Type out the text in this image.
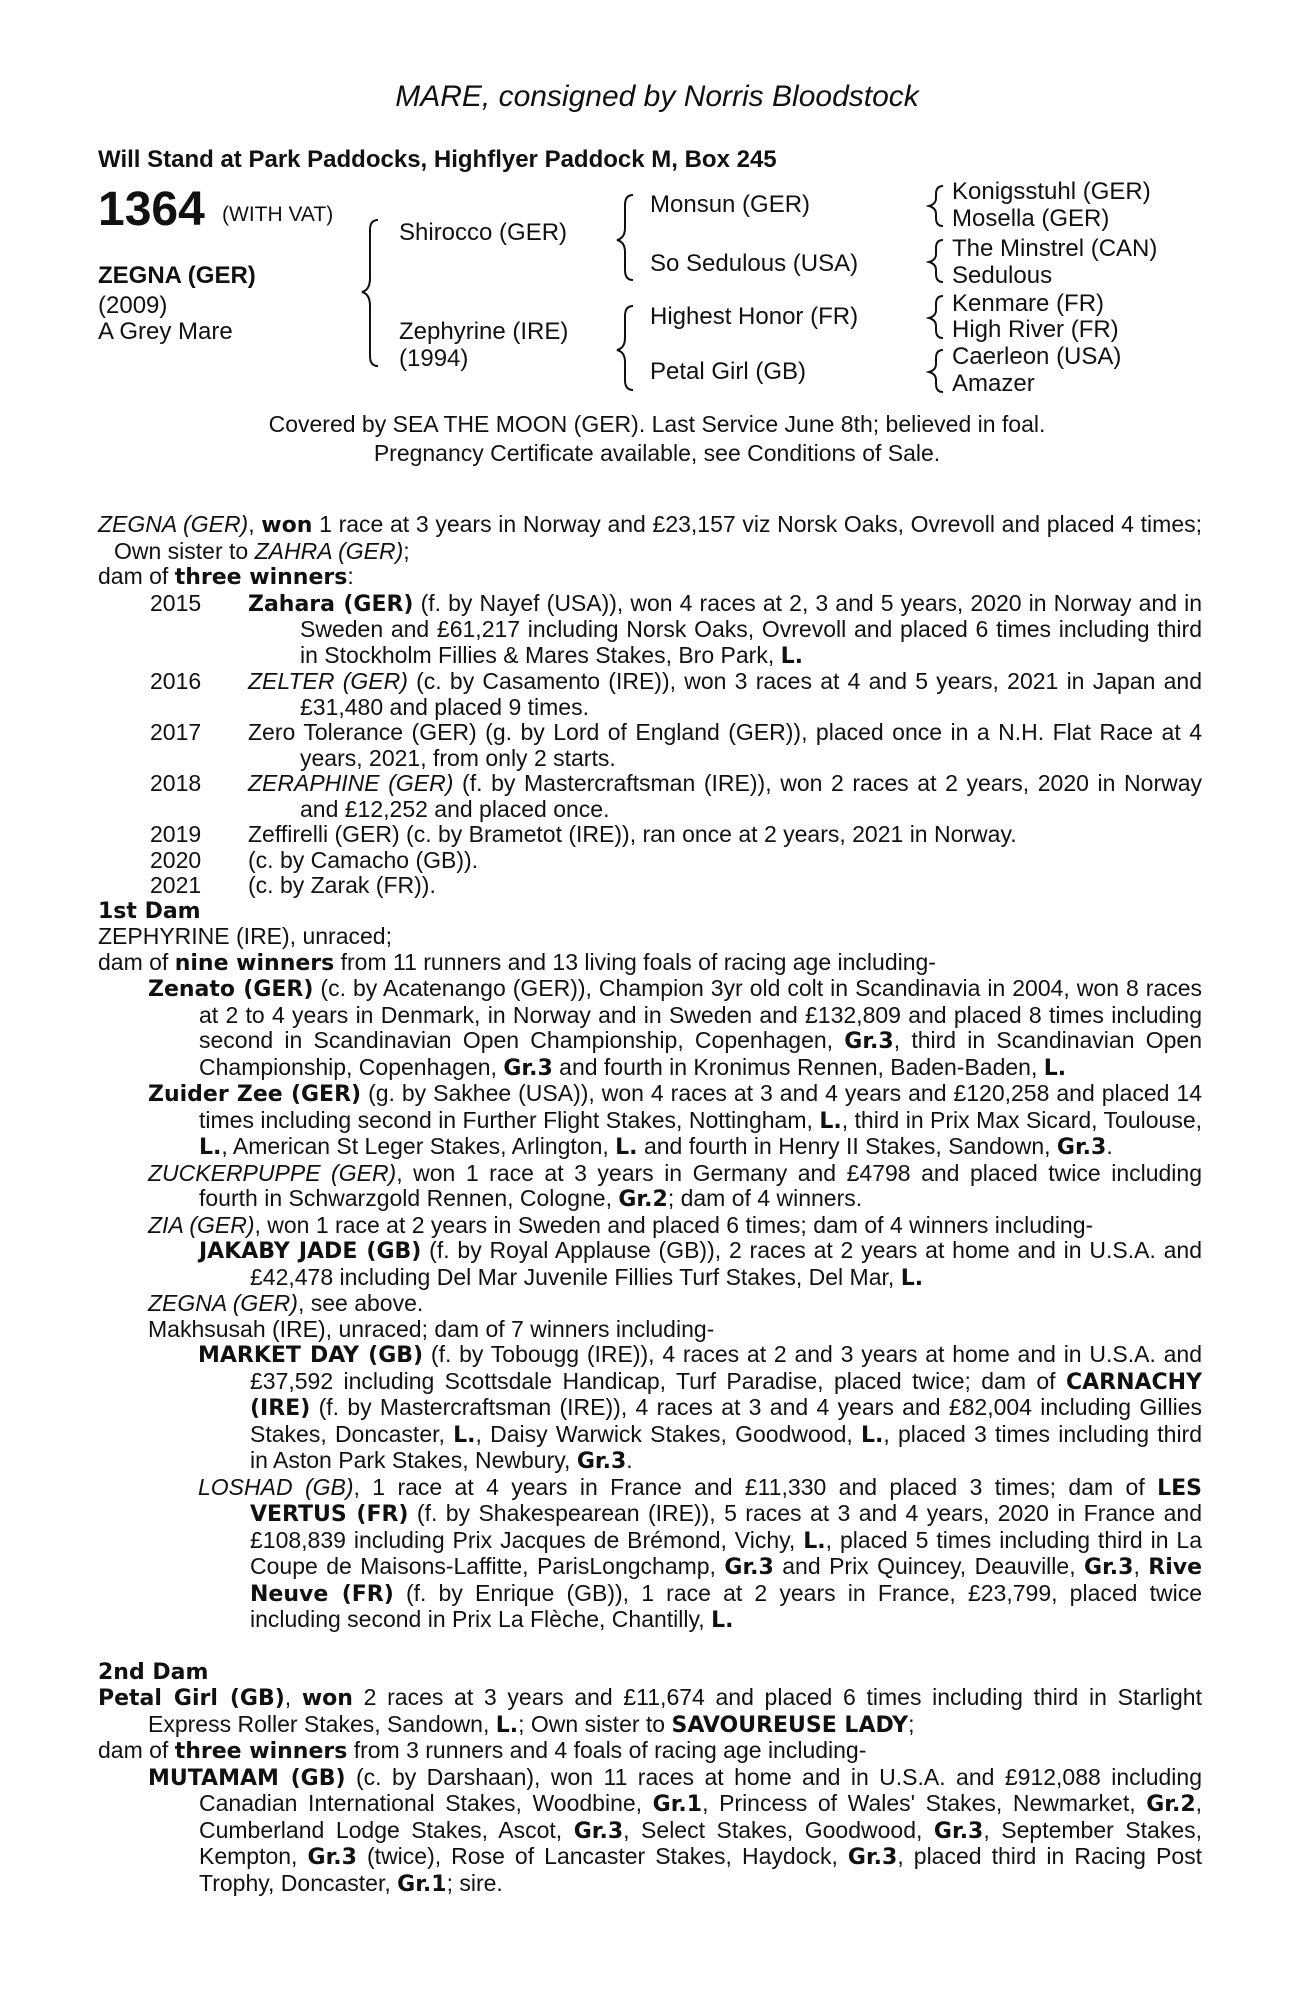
MARE, consigned by Norris Bloodstock
Will Stand at Park Paddocks, Highflyer Paddock M, Box 245
1364 (WITH VAT)
ZEGNA (GER)
(2009)
A Grey Mare
Shirocco (GER)
Zephyrine (IRE)
(1994)
Monsun (GER)
So Sedulous (USA)
Highest Honor (FR)
Petal Girl (GB)
Konigsstuhl (GER)
Mosella (GER)
The Minstrel (CAN)
Sedulous
Kenmare (FR)
High River (FR)
Caerleon (USA)
Amazer
Covered by SEA THE MOON (GER). Last Service June 8th; believed in foal.
Pregnancy Certificate available, see Conditions of Sale.

ZEGNA (GER), won 1 race at 3 years in Norway and £23,157 viz Norsk Oaks, Ovrevoll and placed 4 times; Own sister to ZAHRA (GER);

dam of three winners:

2015	Zahara (GER) (f. by Nayef (USA)), won 4 races at 2, 3 and 5 years, 2020 in Norway and in Sweden and £61,217 including Norsk Oaks, Ovrevoll and placed 6 times including third in Stockholm Fillies & Mares Stakes, Bro Park, L.
2016	ZELTER (GER) (c. by Casamento (IRE)), won 3 races at 4 and 5 years, 2021 in Japan and £31,480 and placed 9 times.
2017	Zero Tolerance (GER) (g. by Lord of England (GER)), placed once in a N.H. Flat Race at 4 years, 2021, from only 2 starts.
2018	ZERAPHINE (GER) (f. by Mastercraftsman (IRE)), won 2 races at 2 years, 2020 in Norway and £12,252 and placed once.
2019	Zeffirelli (GER) (c. by Brametot (IRE)), ran once at 2 years, 2021 in Norway.
2020	(c. by Camacho (GB)).
2021	(c. by Zarak (FR)).

1st Dam

ZEPHYRINE (IRE), unraced;

dam of nine winners from 11 runners and 13 living foals of racing age including-

Zenato (GER) (c. by Acatenango (GER)), Champion 3yr old colt in Scandinavia in 2004, won 8 races at 2 to 4 years in Denmark, in Norway and in Sweden and £132,809 and placed 8 times including second in Scandinavian Open Championship, Copenhagen, Gr.3, third in Scandinavian Open Championship, Copenhagen, Gr.3 and fourth in Kronimus Rennen, Baden-Baden, L.

Zuider Zee (GER) (g. by Sakhee (USA)), won 4 races at 3 and 4 years and £120,258 and placed 14 times including second in Further Flight Stakes, Nottingham, L., third in Prix Max Sicard, Toulouse, L., American St Leger Stakes, Arlington, L. and fourth in Henry II Stakes, Sandown, Gr.3.

ZUCKERPUPPE (GER), won 1 race at 3 years in Germany and £4798 and placed twice including fourth in Schwarzgold Rennen, Cologne, Gr.2; dam of 4 winners.

ZIA (GER), won 1 race at 2 years in Sweden and placed 6 times; dam of 4 winners including-

JAKABY JADE (GB) (f. by Royal Applause (GB)), 2 races at 2 years at home and in U.S.A. and £42,478 including Del Mar Juvenile Fillies Turf Stakes, Del Mar, L.

ZEGNA (GER), see above.

Makhsusah (IRE), unraced; dam of 7 winners including-

MARKET DAY (GB) (f. by Tobougg (IRE)), 4 races at 2 and 3 years at home and in U.S.A. and £37,592 including Scottsdale Handicap, Turf Paradise, placed twice; dam of CARNACHY (IRE) (f. by Mastercraftsman (IRE)), 4 races at 3 and 4 years and £82,004 including Gillies Stakes, Doncaster, L., Daisy Warwick Stakes, Goodwood, L., placed 3 times including third in Aston Park Stakes, Newbury, Gr.3.

LOSHAD (GB), 1 race at 4 years in France and £11,330 and placed 3 times; dam of LES VERTUS (FR) (f. by Shakespearean (IRE)), 5 races at 3 and 4 years, 2020 in France and £108,839 including Prix Jacques de Brémond, Vichy, L., placed 5 times including third in La Coupe de Maisons-Laffitte, ParisLongchamp, Gr.3 and Prix Quincey, Deauville, Gr.3, Rive Neuve (FR) (f. by Enrique (GB)), 1 race at 2 years in France, £23,799, placed twice including second in Prix La Flèche, Chantilly, L.

2nd Dam

Petal Girl (GB), won 2 races at 3 years and £11,674 and placed 6 times including third in Starlight Express Roller Stakes, Sandown, L.; Own sister to SAVOUREUSE LADY;

dam of three winners from 3 runners and 4 foals of racing age including-

MUTAMAM (GB) (c. by Darshaan), won 11 races at home and in U.S.A. and £912,088 including Canadian International Stakes, Woodbine, Gr.1, Princess of Wales' Stakes, Newmarket, Gr.2, Cumberland Lodge Stakes, Ascot, Gr.3, Select Stakes, Goodwood, Gr.3, September Stakes, Kempton, Gr.3 (twice), Rose of Lancaster Stakes, Haydock, Gr.3, placed third in Racing Post Trophy, Doncaster, Gr.1; sire.
